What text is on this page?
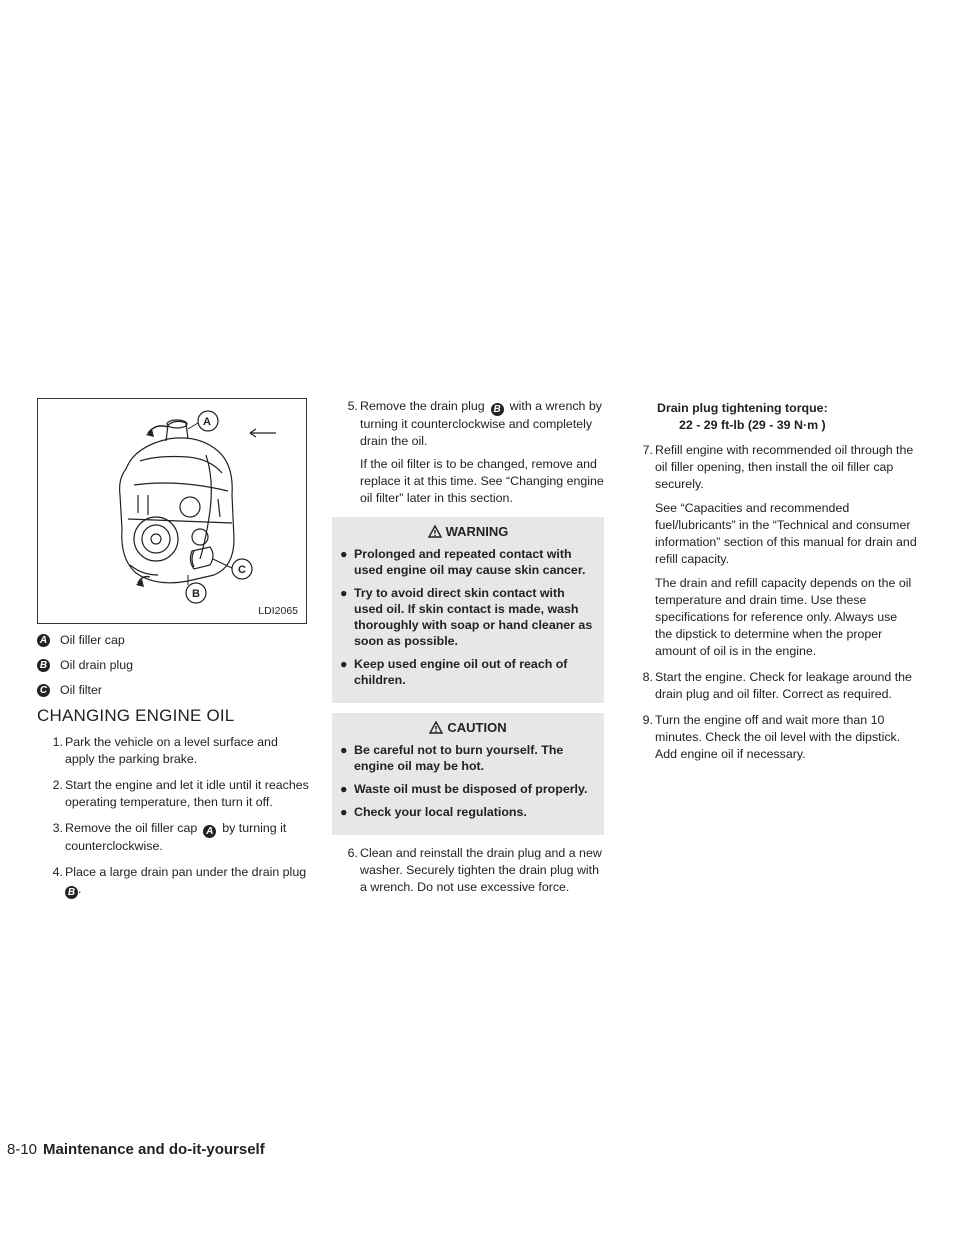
A
B
C
LDI2065
A Oil filler cap
B Oil drain plug
C Oil filter
CHANGING ENGINE OIL
1. Park the vehicle on a level surface and apply the parking brake.

2. Start the engine and let it idle until it reaches operating temperature, then turn it off.

3. Remove the oil filler cap A by turning it counterclockwise.

4. Place a large drain pan under the drain plug
B .

5. Remove the drain plug B with a wrench by turning it counterclockwise and completely drain the oil.

If the oil filter is to be changed, remove and replace it at this time. See “Changing engine oil filter” later in this section.

WARNING
● Prolonged and repeated contact with used engine oil may cause skin cancer.
● Try to avoid direct skin contact with used oil. If skin contact is made, wash thoroughly with soap or hand cleaner as soon as possible.
● Keep used engine oil out of reach of children.
CAUTION
● Be careful not to burn yourself. The engine oil may be hot.
● Waste oil must be disposed of properly.
● Check your local regulations.
6. Clean and reinstall the drain plug and a new washer. Securely tighten the drain plug with a wrench. Do not use excessive force.

Drain plug tightening torque:
22 - 29 ft-lb (29 - 39 N·m )
7. Refill engine with recommended oil through the oil filler opening, then install the oil filler cap securely.

See “Capacities and recommended fuel/lubricants” in the “Technical and consumer information” section of this manual for drain and refill capacity.

The drain and refill capacity depends on the oil temperature and drain time. Use these specifications for reference only. Always use the dipstick to determine when the proper amount of oil is in the engine.

8. Start the engine. Check for leakage around the drain plug and oil filter. Correct as required.

9. Turn the engine off and wait more than 10 minutes. Check the oil level with the dipstick. Add engine oil if necessary.

8-10 Maintenance and do-it-yourself
